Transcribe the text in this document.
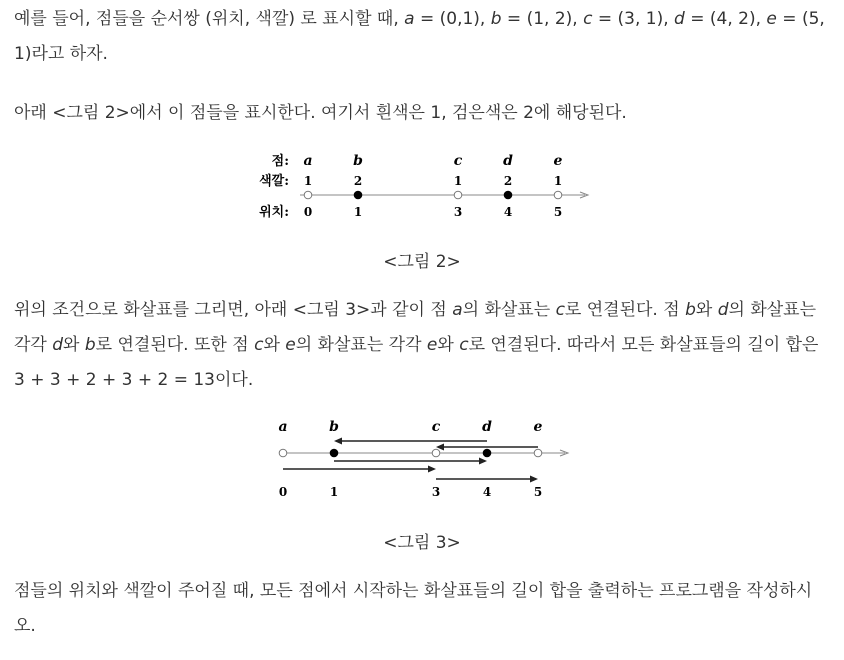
예를 들어, 점들을 순서쌍 (위치, 색깔) 로 표시할 때, a = (0,1), b = (1, 2), c = (3, 1), d = (4, 2), e = (5, 1)라고 하자.

아래 <그림 2>에서 이 점들을 표시한다. 여기서 흰색은 1, 검은색은 2에 해당된다.

점:
색깔:
위치:
a
1
0
b
2
1
c
1
3
d
2
4
e
1
5
<그림 2>

위의 조건으로 화살표를 그리면, 아래 <그림 3>과 같이 점 a의 화살표는 c로 연결된다. 점 b와 d의 화살표는 각각 d와 b로 연결된다. 또한 점 c와 e의 화살표는 각각 e와 c로 연결된다. 따라서 모든 화살표들의 길이 합은 3 + 3 + 2 + 3 + 2 = 13이다.

a
0
b
1
c
3
d
4
e
5
<그림 3>

점들의 위치와 색깔이 주어질 때, 모든 점에서 시작하는 화살표들의 길이 합을 출력하는 프로그램을 작성하시오.
